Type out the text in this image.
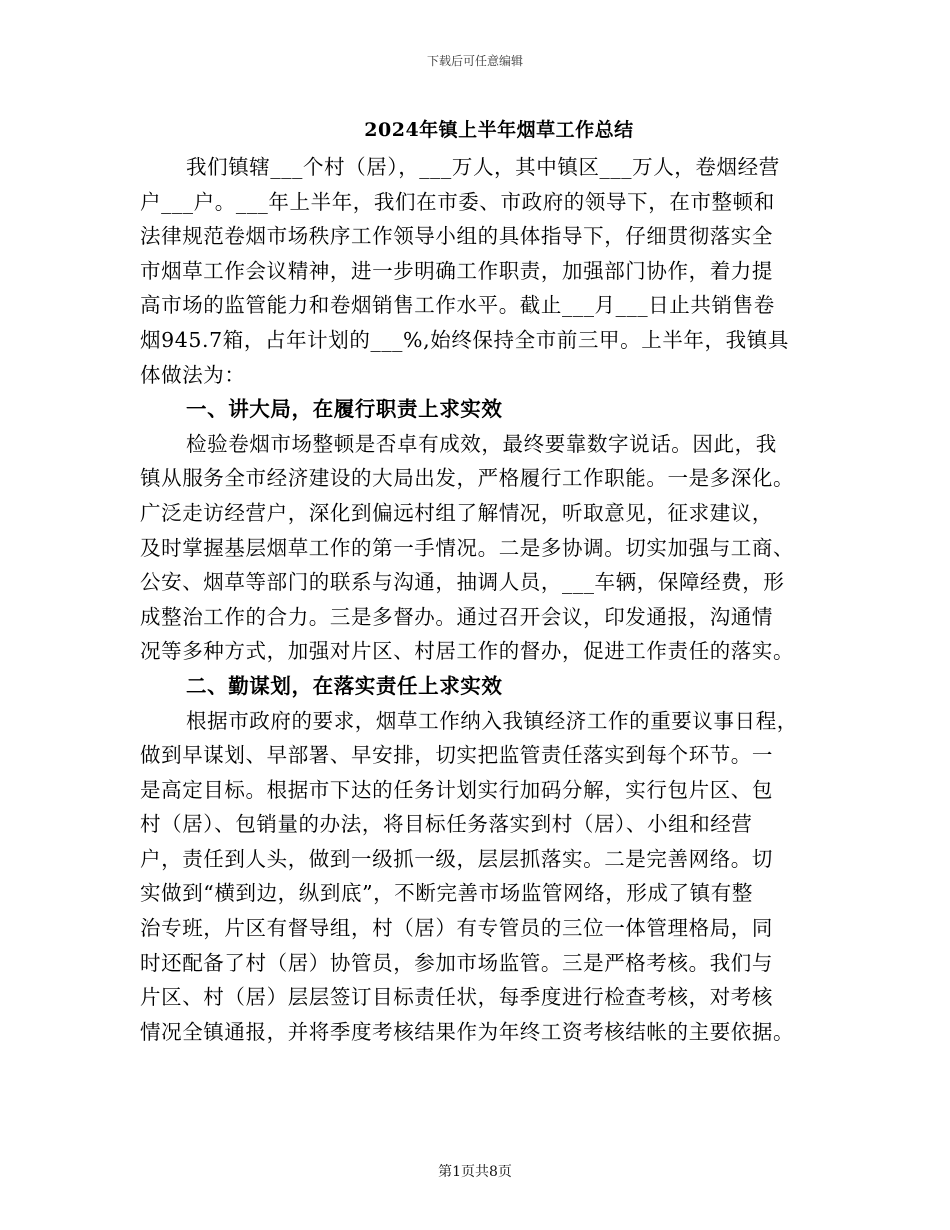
下载后可任意编辑
2024年镇上半年烟草工作总结
我们镇辖___个村（居），___万人，其中镇区___万人，卷烟经营
户___户。___年上半年，我们在市委、市政府的领导下，在市整顿和
法律规范卷烟市场秩序工作领导小组的具体指导下，仔细贯彻落实全
市烟草工作会议精神，进一步明确工作职责，加强部门协作，着力提
高市场的监管能力和卷烟销售工作水平。截止___月___日止共销售卷
烟945.7箱，占年计划的___%,始终保持全市前三甲。上半年，我镇具
体做法为：
一、讲大局，在履行职责上求实效
检验卷烟市场整顿是否卓有成效，最终要靠数字说话。因此，我
镇从服务全市经济建设的大局出发，严格履行工作职能。一是多深化。
广泛走访经营户，深化到偏远村组了解情况，听取意见，征求建议，
及时掌握基层烟草工作的第一手情况。二是多协调。切实加强与工商、
公安、烟草等部门的联系与沟通，抽调人员，___车辆，保障经费，形
成整治工作的合力。三是多督办。通过召开会议，印发通报，沟通情
况等多种方式，加强对片区、村居工作的督办，促进工作责任的落实。
二、勤谋划，在落实责任上求实效
根据市政府的要求，烟草工作纳入我镇经济工作的重要议事日程，
做到早谋划、早部署、早安排，切实把监管责任落实到每个环节。一
是高定目标。根据市下达的任务计划实行加码分解，实行包片区、包
村（居）、包销量的办法，将目标任务落实到村（居）、小组和经营
户，责任到人头，做到一级抓一级，层层抓落实。二是完善网络。切
实做到“横到边，纵到底”，不断完善市场监管网络，形成了镇有整
治专班，片区有督导组，村（居）有专管员的三位一体管理格局，同
时还配备了村（居）协管员，参加市场监管。三是严格考核。我们与
片区、村（居）层层签订目标责任状，每季度进行检查考核，对考核
情况全镇通报，并将季度考核结果作为年终工资考核结帐的主要依据。
第1页共8页
